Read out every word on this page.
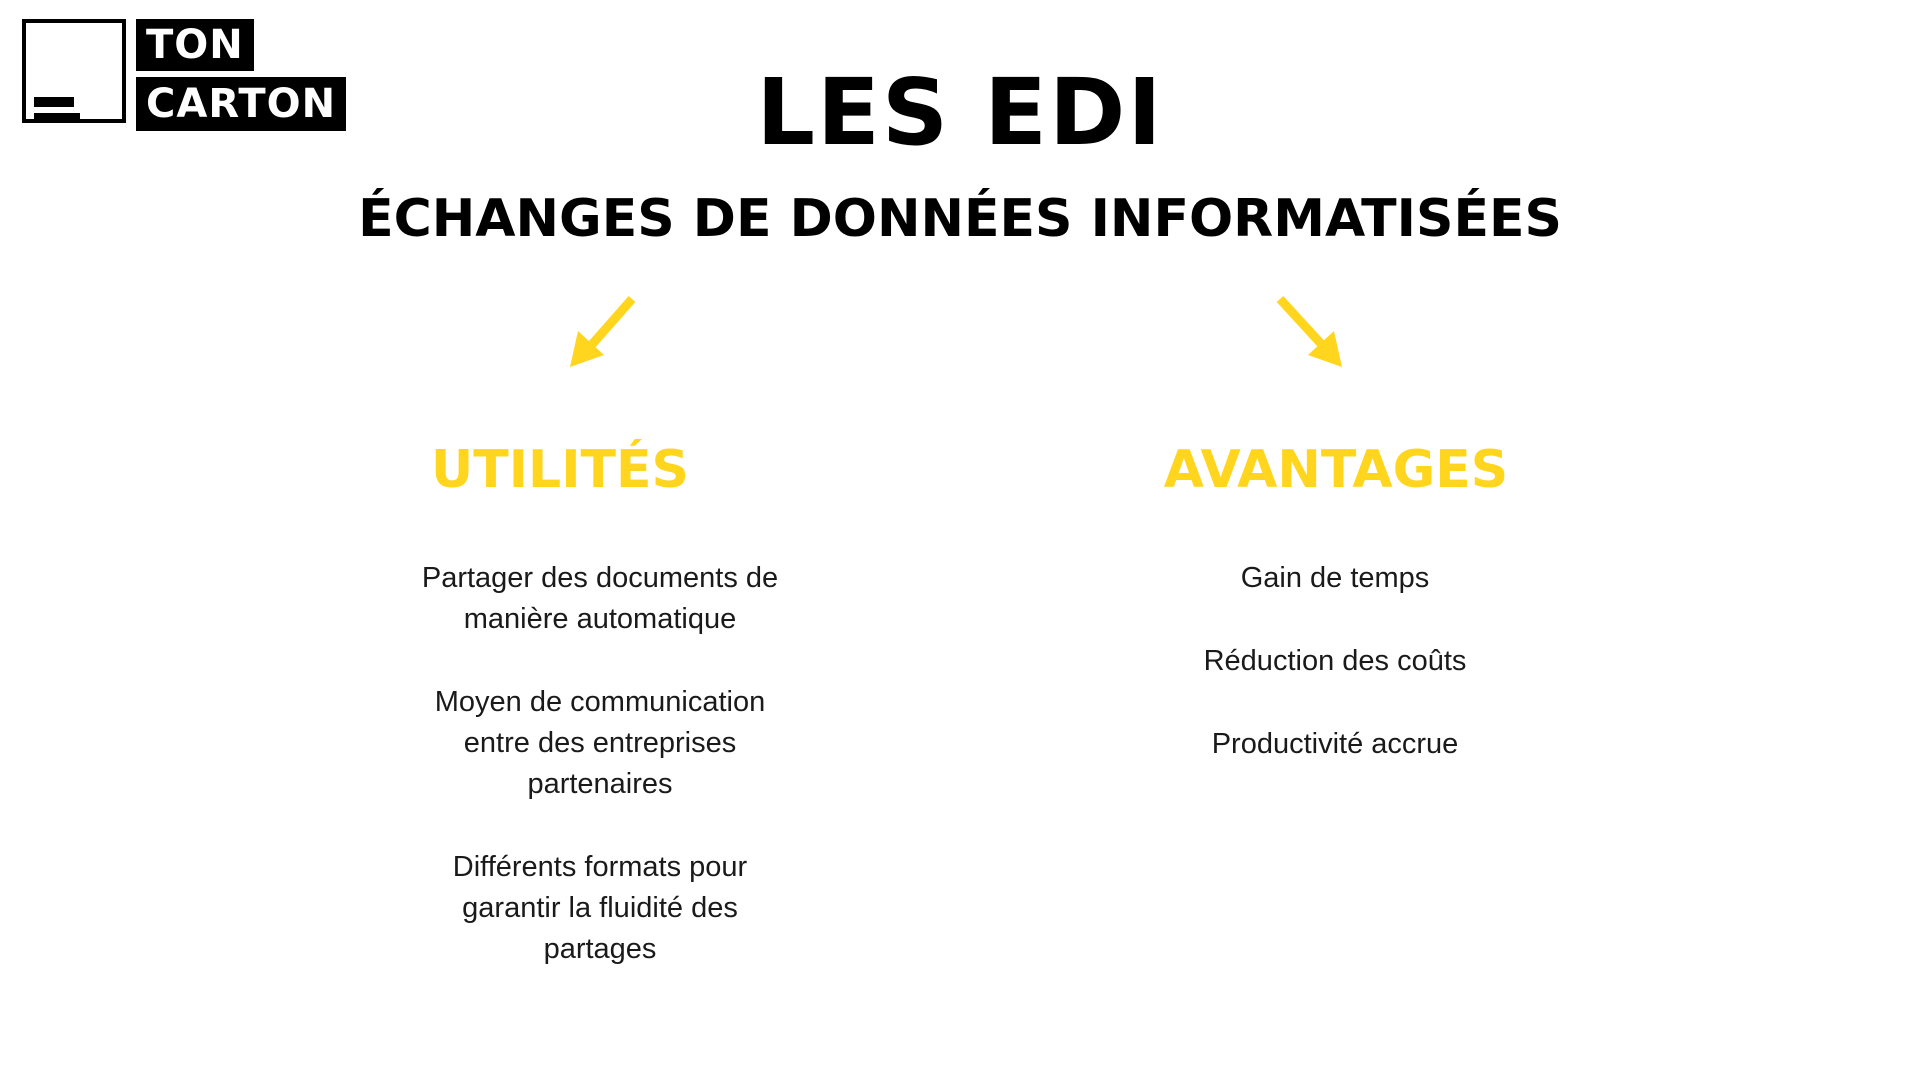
TON
CARTON	LES EDI
ÉCHANGES DE DONNÉES INFORMATISÉES
UTILITÉS	AVANTAGES
Partager des documents de manière automatique
Moyen de communication entre des entreprises partenaires
Différents formats pour garantir la fluidité des partages
Gain de temps
Réduction des coûts
Productivité accrue
